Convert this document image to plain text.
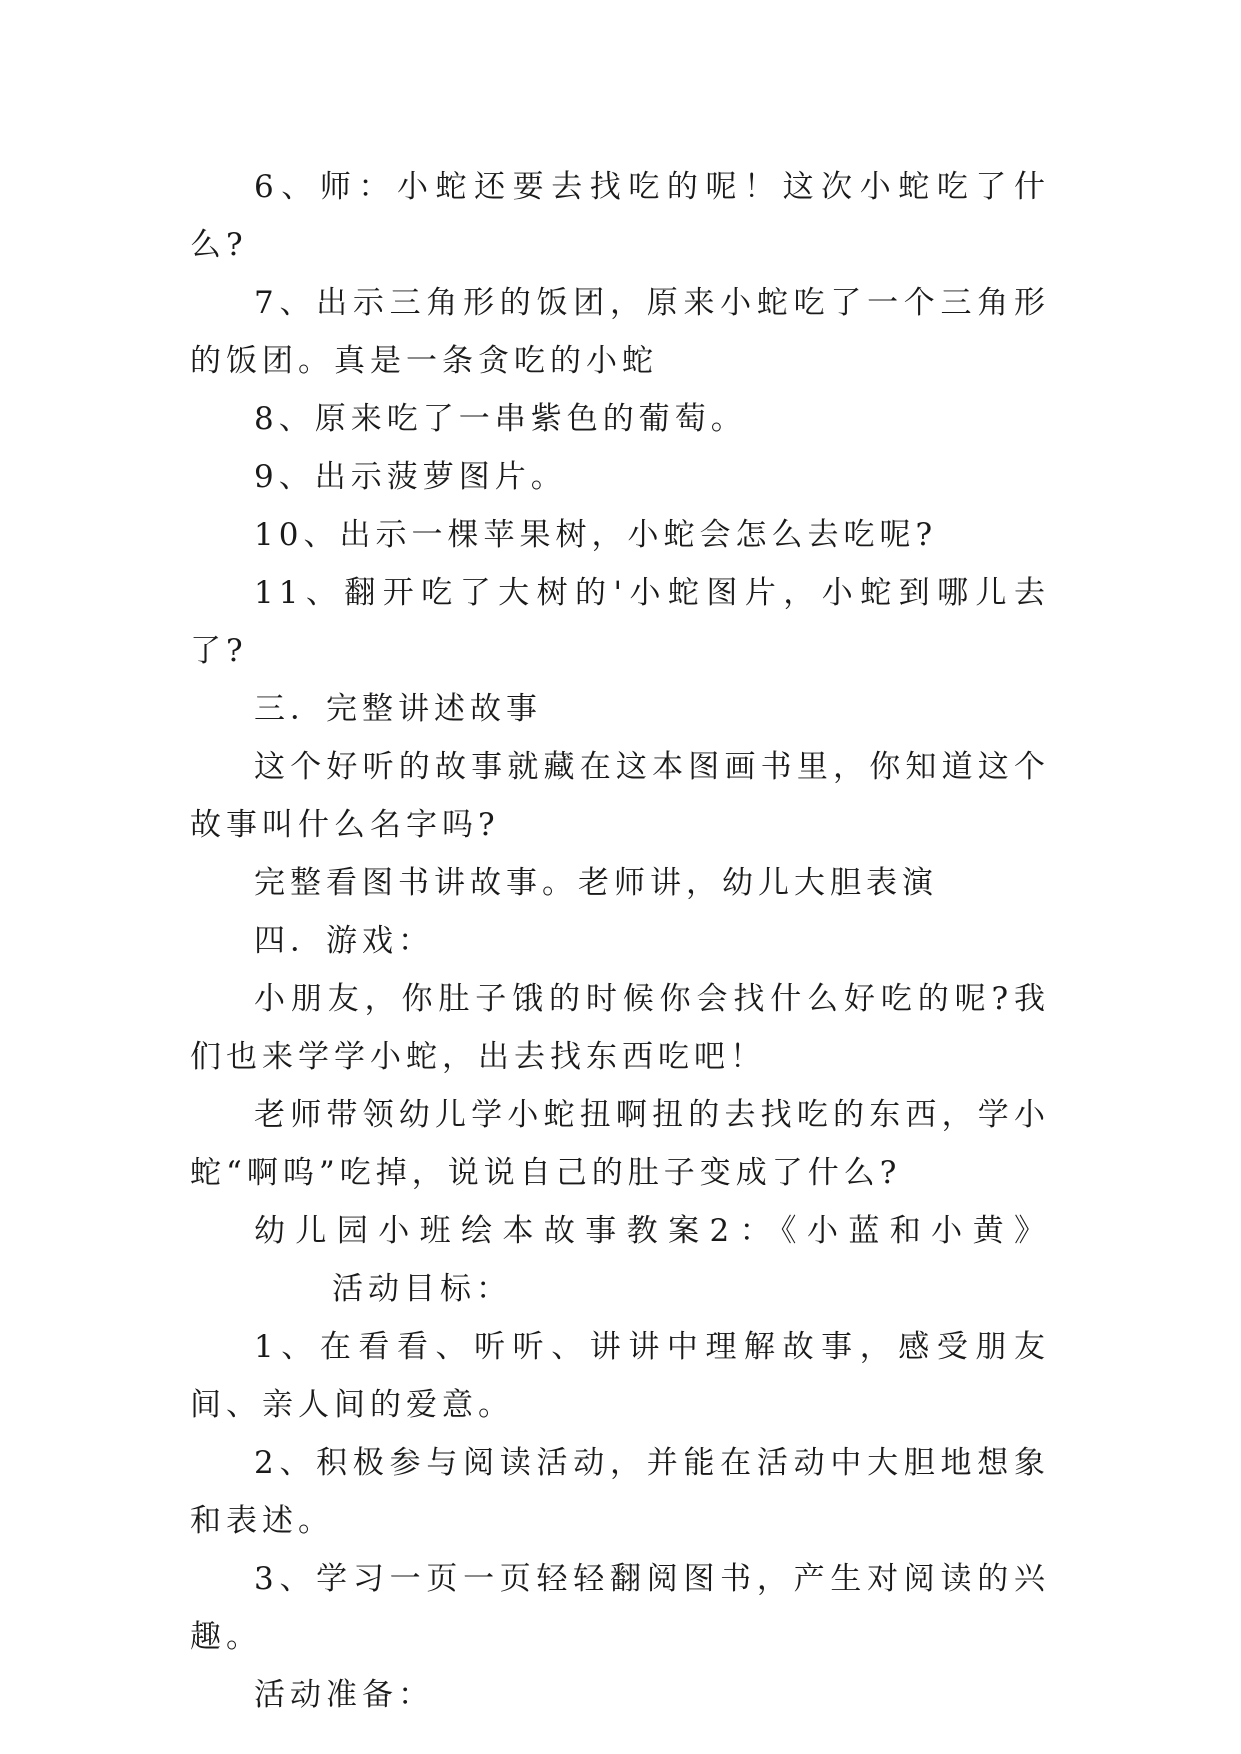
6、师：小蛇还要去找吃的呢！这次小蛇吃了什么?

7、出示三角形的饭团，原来小蛇吃了一个三角形的饭团。真是一条贪吃的小蛇

8、原来吃了一串紫色的葡萄。

9、出示菠萝图片。

10、出示一棵苹果树，小蛇会怎么去吃呢?

11、翻开吃了大树的'小蛇图片，小蛇到哪儿去了?

三．完整讲述故事

这个好听的故事就藏在这本图画书里，你知道这个故事叫什么名字吗?

完整看图书讲故事。老师讲，幼儿大胆表演

四．游戏：

小朋友，你肚子饿的时候你会找什么好吃的呢?我们也来学学小蛇，出去找东西吃吧！

老师带领幼儿学小蛇扭啊扭的去找吃的东西，学小蛇“啊呜”吃掉，说说自己的肚子变成了什么?

幼儿园小班绘本故事教案2：《小蓝和小黄》活动目标：

1、在看看、听听、讲讲中理解故事，感受朋友间、亲人间的爱意。

2、积极参与阅读活动，并能在活动中大胆地想象和表述。

3、学习一页一页轻轻翻阅图书，产生对阅读的兴趣。

活动准备：
